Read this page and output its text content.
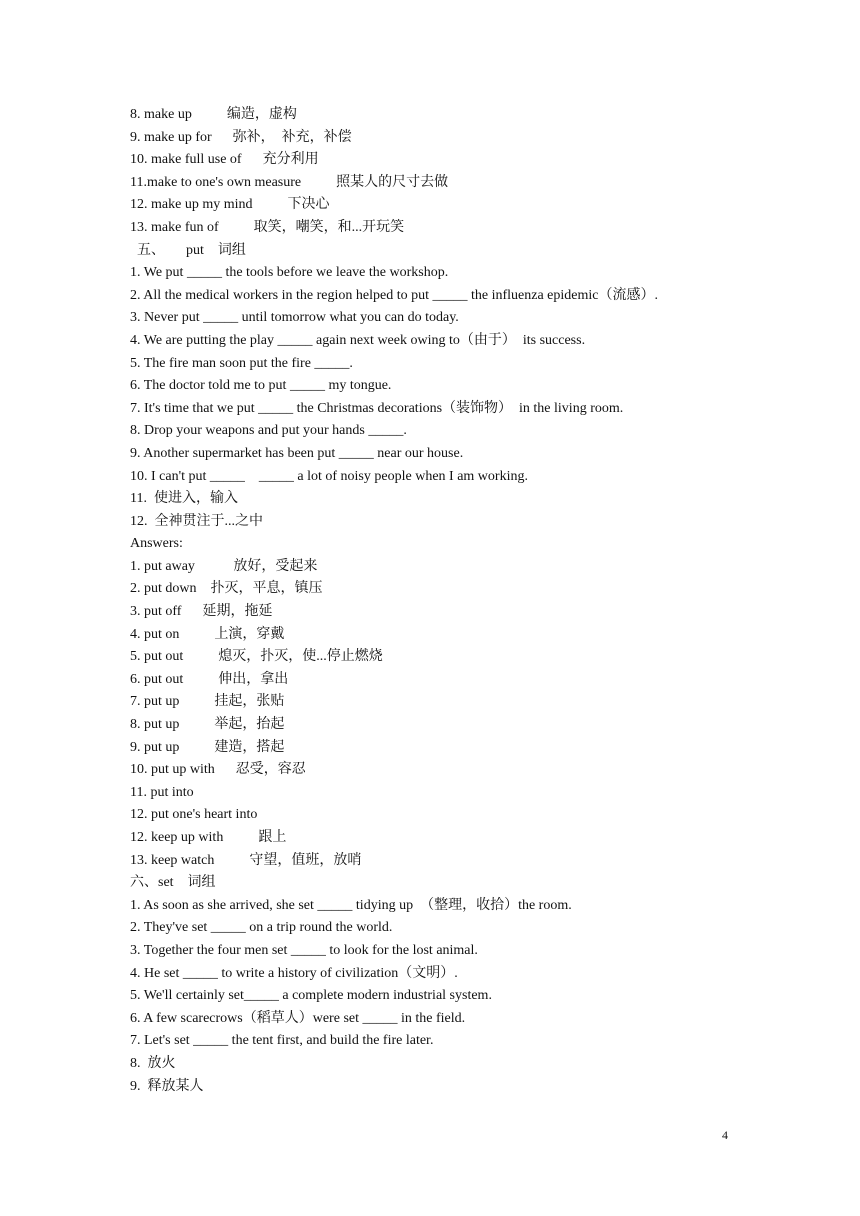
8. make up          编造，虚构
9. make up for      弥补，  补充，补偿
10. make full use of      充分利用
11.make to one's own measure          照某人的尺寸去做
12. make up my mind          下决心
13. make fun of          取笑，嘲笑，和...开玩笑
五、      put    词组
1. We put _____ the tools before we leave the workshop.
2. All the medical workers in the region helped to put _____ the influenza epidemic（流感）.
3. Never put _____ until tomorrow what you can do today.
4. We are putting the play _____ again next week owing to（由于）  its success.
5. The fire man soon put the fire _____.
6. The doctor told me to put _____ my tongue.
7. It's time that we put _____ the Christmas decorations（装饰物）  in the living room.
8. Drop your weapons and put your hands _____.
9. Another supermarket has been put _____ near our house.
10. I can't put _____    _____ a lot of noisy people when I am working.
11.  使进入，输入
12.  全神贯注于...之中
Answers:
1. put away           放好，受起来
2. put down    扑灭，平息，镇压
3. put off      延期，拖延
4. put on          上演，穿戴
5. put out          熄灭，扑灭，使...停止燃烧
6. put out          伸出，拿出
7. put up          挂起，张贴
8. put up          举起，抬起
9. put up          建造，搭起
10. put up with      忍受，容忍
11. put into
12. put one's heart into
12. keep up with          跟上
13. keep watch          守望，值班，放哨
六、set    词组
1. As soon as she arrived, she set _____ tidying up  （整理，收拾）the room.
2. They've set _____ on a trip round the world.
3. Together the four men set _____ to look for the lost animal.
4. He set _____ to write a history of civilization（文明）.
5. We'll certainly set_____ a complete modern industrial system.
6. A few scarecrows（稻草人）were set _____ in the field.
7. Let's set _____ the tent first, and build the fire later.
8.  放火
9.  释放某人
4
